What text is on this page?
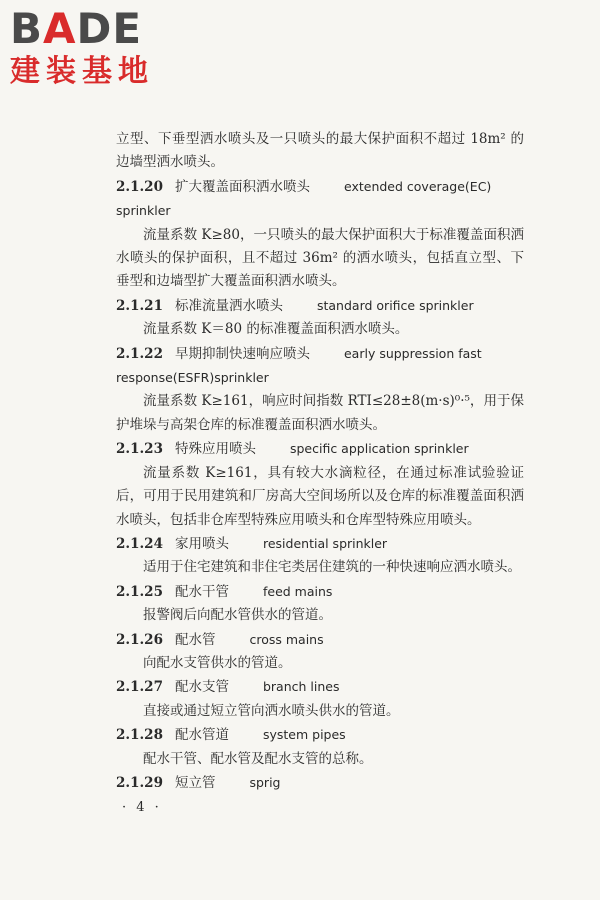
BADE
建装基地

立型、下垂型洒水喷头及一只喷头的最大保护面积不超过 18m² 的边墙型洒水喷头。

2.1.20 扩大覆盖面积洒水喷头	extended coverage(EC) sprinkler

流量系数 K≥80，一只喷头的最大保护面积大于标准覆盖面积洒水喷头的保护面积，且不超过 36m² 的洒水喷头，包括直立型、下垂型和边墙型扩大覆盖面积洒水喷头。

2.1.21 标准流量洒水喷头	standard orifice sprinkler

流量系数 K＝80 的标准覆盖面积洒水喷头。

2.1.22 早期抑制快速响应喷头	early suppression fast response(ESFR)sprinkler

流量系数 K≥161，响应时间指数 RTI≤28±8(m·s)⁰·⁵，用于保护堆垛与高架仓库的标准覆盖面积洒水喷头。

2.1.23 特殊应用喷头	specific application sprinkler

流量系数 K≥161，具有较大水滴粒径，在通过标准试验验证后，可用于民用建筑和厂房高大空间场所以及仓库的标准覆盖面积洒水喷头，包括非仓库型特殊应用喷头和仓库型特殊应用喷头。

2.1.24 家用喷头	residential sprinkler

适用于住宅建筑和非住宅类居住建筑的一种快速响应洒水喷头。

2.1.25 配水干管	feed mains

报警阀后向配水管供水的管道。

2.1.26 配水管	cross mains

向配水支管供水的管道。

2.1.27 配水支管	branch lines

直接或通过短立管向洒水喷头供水的管道。

2.1.28 配水管道	system pipes

配水干管、配水管及配水支管的总称。

2.1.29 短立管	sprig

· 4 ·
